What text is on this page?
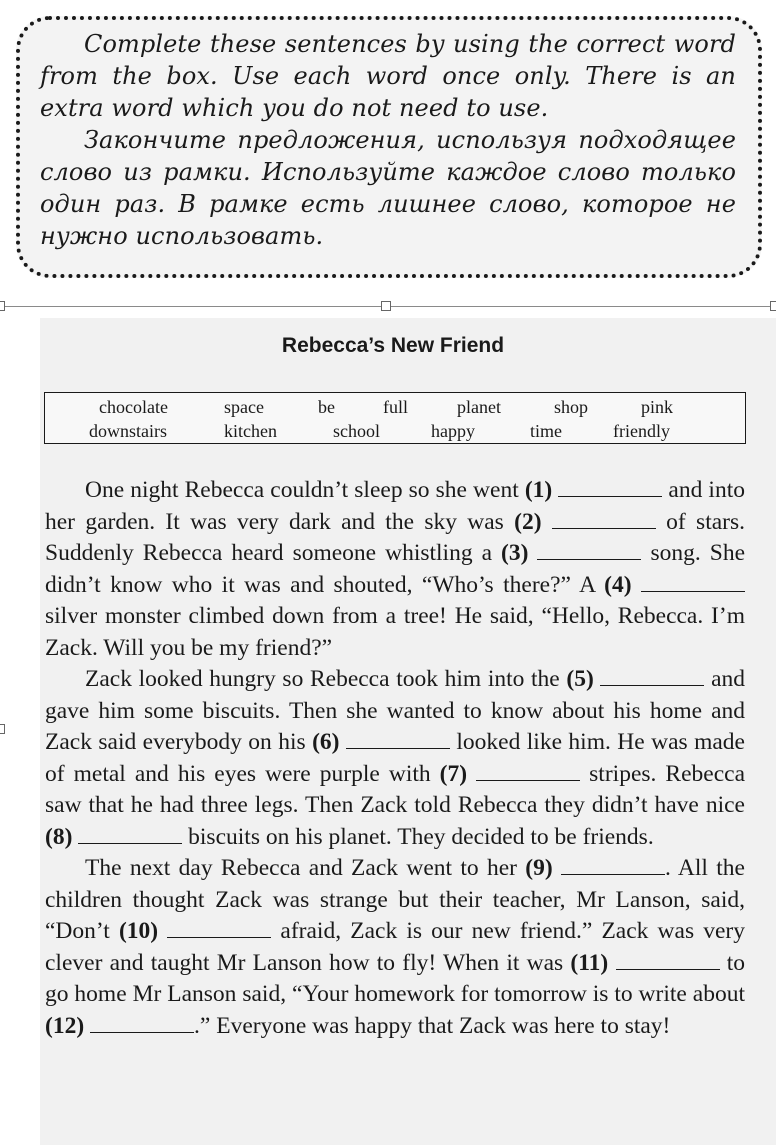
Complete these sentences by using the correct word from the box. Use each word once only. There is an extra word which you do not need to use.

Закончите предложения, используя подходящее слово из рамки. Используйте каждое слово только один раз. В рамке есть лишнее слово, которое не нужно использовать.

Rebecca’s New Friend
chocolate	space	be	full	planet	shop	pink
downstairs	kitchen	school	happy	time	friendly

One night Rebecca couldn’t sleep so she went (1)	and into her garden. It was very dark and the sky was (2)	of stars. Suddenly Rebecca heard someone whistling a (3)	song. She didn’t know who it was and shouted, “Who’s there?” A (4)  silver monster climbed down from a tree! He said, “Hello, Rebecca. I’m Zack. Will you be my friend?”

Zack looked hungry so Rebecca took him into the (5)	and gave him some biscuits. Then she wanted to know about his home and Zack said everybody on his (6)	looked like him. He was made of metal and his eyes were purple with (7)	stripes. Rebecca saw that he had three legs. Then Zack told Rebecca they didn’t have nice (8)	biscuits on his planet. They decided to be friends.

The next day Rebecca and Zack went to her (9)	. All the children thought Zack was strange but their teacher, Mr Lanson, said, “Don’t (10)	afraid, Zack is our new friend.” Zack was very clever and taught Mr Lanson how to fly! When it was (11)	to go home Mr Lanson said, “Your homework for tomorrow is to write about (12)	.” Everyone was happy that Zack was here to stay!
